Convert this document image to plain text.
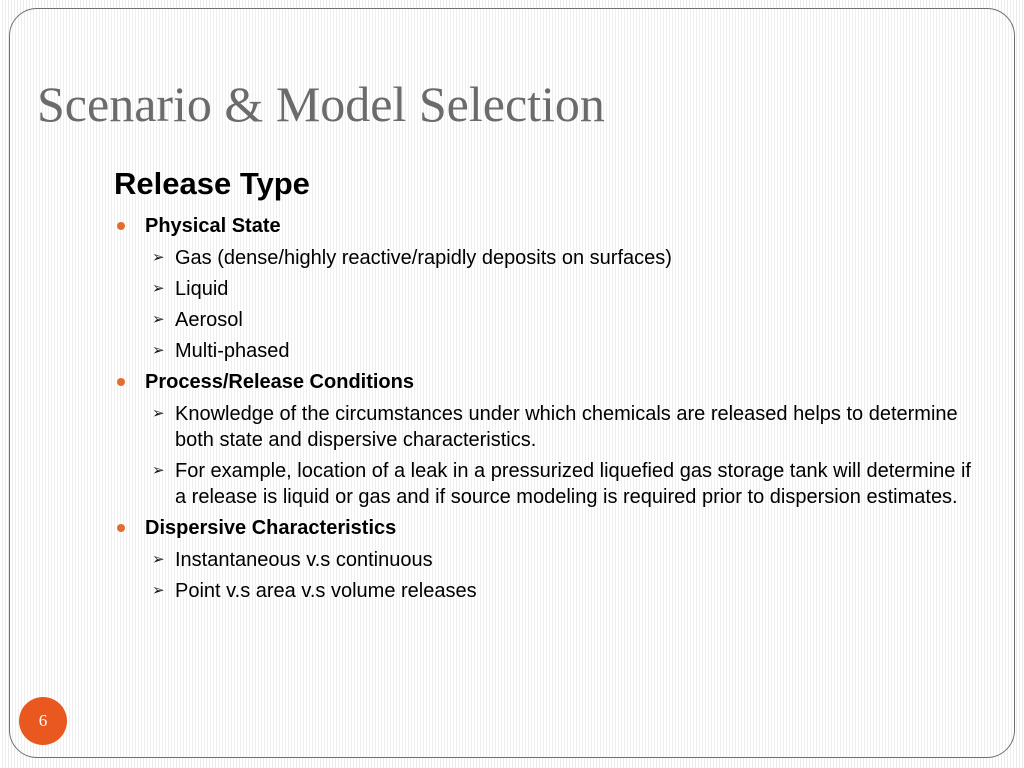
Scenario & Model Selection
Release Type
Physical State
➢ Gas (dense/highly reactive/rapidly deposits on surfaces)
➢ Liquid
➢ Aerosol
➢ Multi-phased
Process/Release Conditions
➢ Knowledge of the circumstances under which chemicals are released helps to determine both state and dispersive characteristics.
➢ For example, location of a leak in a pressurized liquefied gas storage tank will determine if a release is liquid or gas and if source modeling is required prior to dispersion estimates.
Dispersive Characteristics
➢ Instantaneous v.s continuous
➢ Point v.s area v.s volume releases
6
